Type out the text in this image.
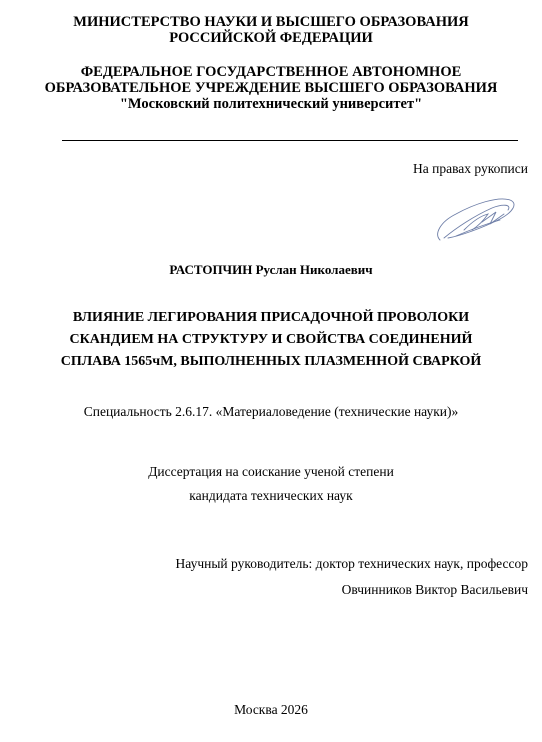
МИНИСТЕРСТВО НАУКИ И ВЫСШЕГО ОБРАЗОВАНИЯ
РОССИЙСКОЙ ФЕДЕРАЦИИ
ФЕДЕРАЛЬНОЕ ГОСУДАРСТВЕННОЕ АВТОНОМНОЕ
ОБРАЗОВАТЕЛЬНОЕ УЧРЕЖДЕНИЕ ВЫСШЕГО ОБРАЗОВАНИЯ
"Московский политехнический университет"
На правах рукописи
РАСТОПЧИН Руслан Николаевич
ВЛИЯНИЕ ЛЕГИРОВАНИЯ ПРИСАДОЧНОЙ ПРОВОЛОКИ
СКАНДИЕМ НА СТРУКТУРУ И СВОЙСТВА СОЕДИНЕНИЙ
СПЛАВА 1565чМ, ВЫПОЛНЕННЫХ ПЛАЗМЕННОЙ СВАРКОЙ
Специальность 2.6.17. «Материаловедение (технические науки)»
Диссертация на соискание ученой степени
кандидата технических наук
Научный руководитель: доктор технических наук, профессор
Овчинников Виктор Васильевич
Москва 2026
